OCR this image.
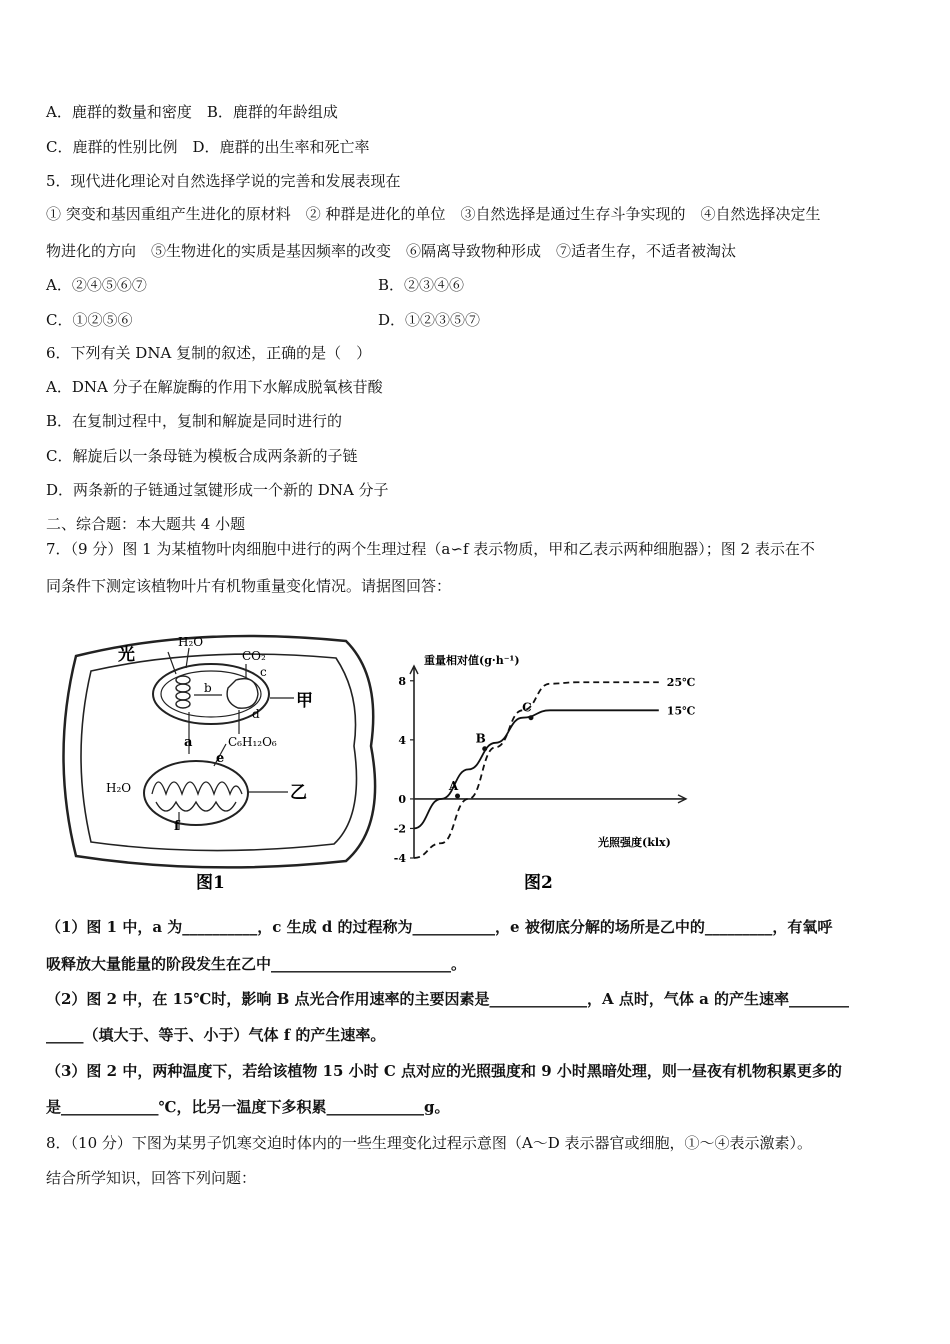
A．鹿群的数量和密度　B．鹿群的年龄组成
C．鹿群的性别比例　D．鹿群的出生率和死亡率
5．现代进化理论对自然选择学说的完善和发展表现在
① 突变和基因重组产生进化的原材料　② 种群是进化的单位　③自然选择是通过生存斗争实现的　④自然选择决定生
物进化的方向　⑤生物进化的实质是基因频率的改变　⑥隔离导致物种形成　⑦适者生存，不适者被淘汰
A．②④⑤⑥⑦	B．②③④⑥
C．①②⑤⑥	D．①②③⑤⑦
6．下列有关 DNA 复制的叙述，正确的是（　）
A．DNA 分子在解旋酶的作用下水解成脱氧核苷酸
B．在复制过程中，复制和解旋是同时进行的
C．解旋后以一条母链为模板合成两条新的子链
D．两条新的子链通过氢键形成一个新的 DNA 分子
二、综合题：本大题共 4 小题
7．（9 分）图 1 为某植物叶肉细胞中进行的两个生理过程（a∽f 表示物质，甲和乙表示两种细胞器）；图 2 表示在不
同条件下测定该植物叶片有机物重量变化情况。请据图回答：
光
H₂O
CO₂
b
c
d
a	C₆H₁₂O₆
e
H₂O
f
甲
乙
图1
8
4
0
-2
-4
25℃
15℃
A
B
C
重量相对值(g·h⁻¹)
光照强度(klx)
图2
（1）图 1 中，a 为__________，c 生成 d 的过程称为___________，e 被彻底分解的场所是乙中的_________，有氧呼
吸释放大量能量的阶段发生在乙中________________________。
（2）图 2 中，在 15℃时，影响 B 点光合作用速率的主要因素是_____________，A 点时，气体 a 的产生速率________
_____（填大于、等于、小于）气体 f 的产生速率。
（3）图 2 中，两种温度下，若给该植物 15 小时 C 点对应的光照强度和 9 小时黑暗处理，则一昼夜有机物积累更多的
是_____________℃，比另一温度下多积累_____________g。
8．（10 分）下图为某男子饥寒交迫时体内的一些生理变化过程示意图（A～D 表示器官或细胞，①～④表示激素）。
结合所学知识，回答下列问题：
